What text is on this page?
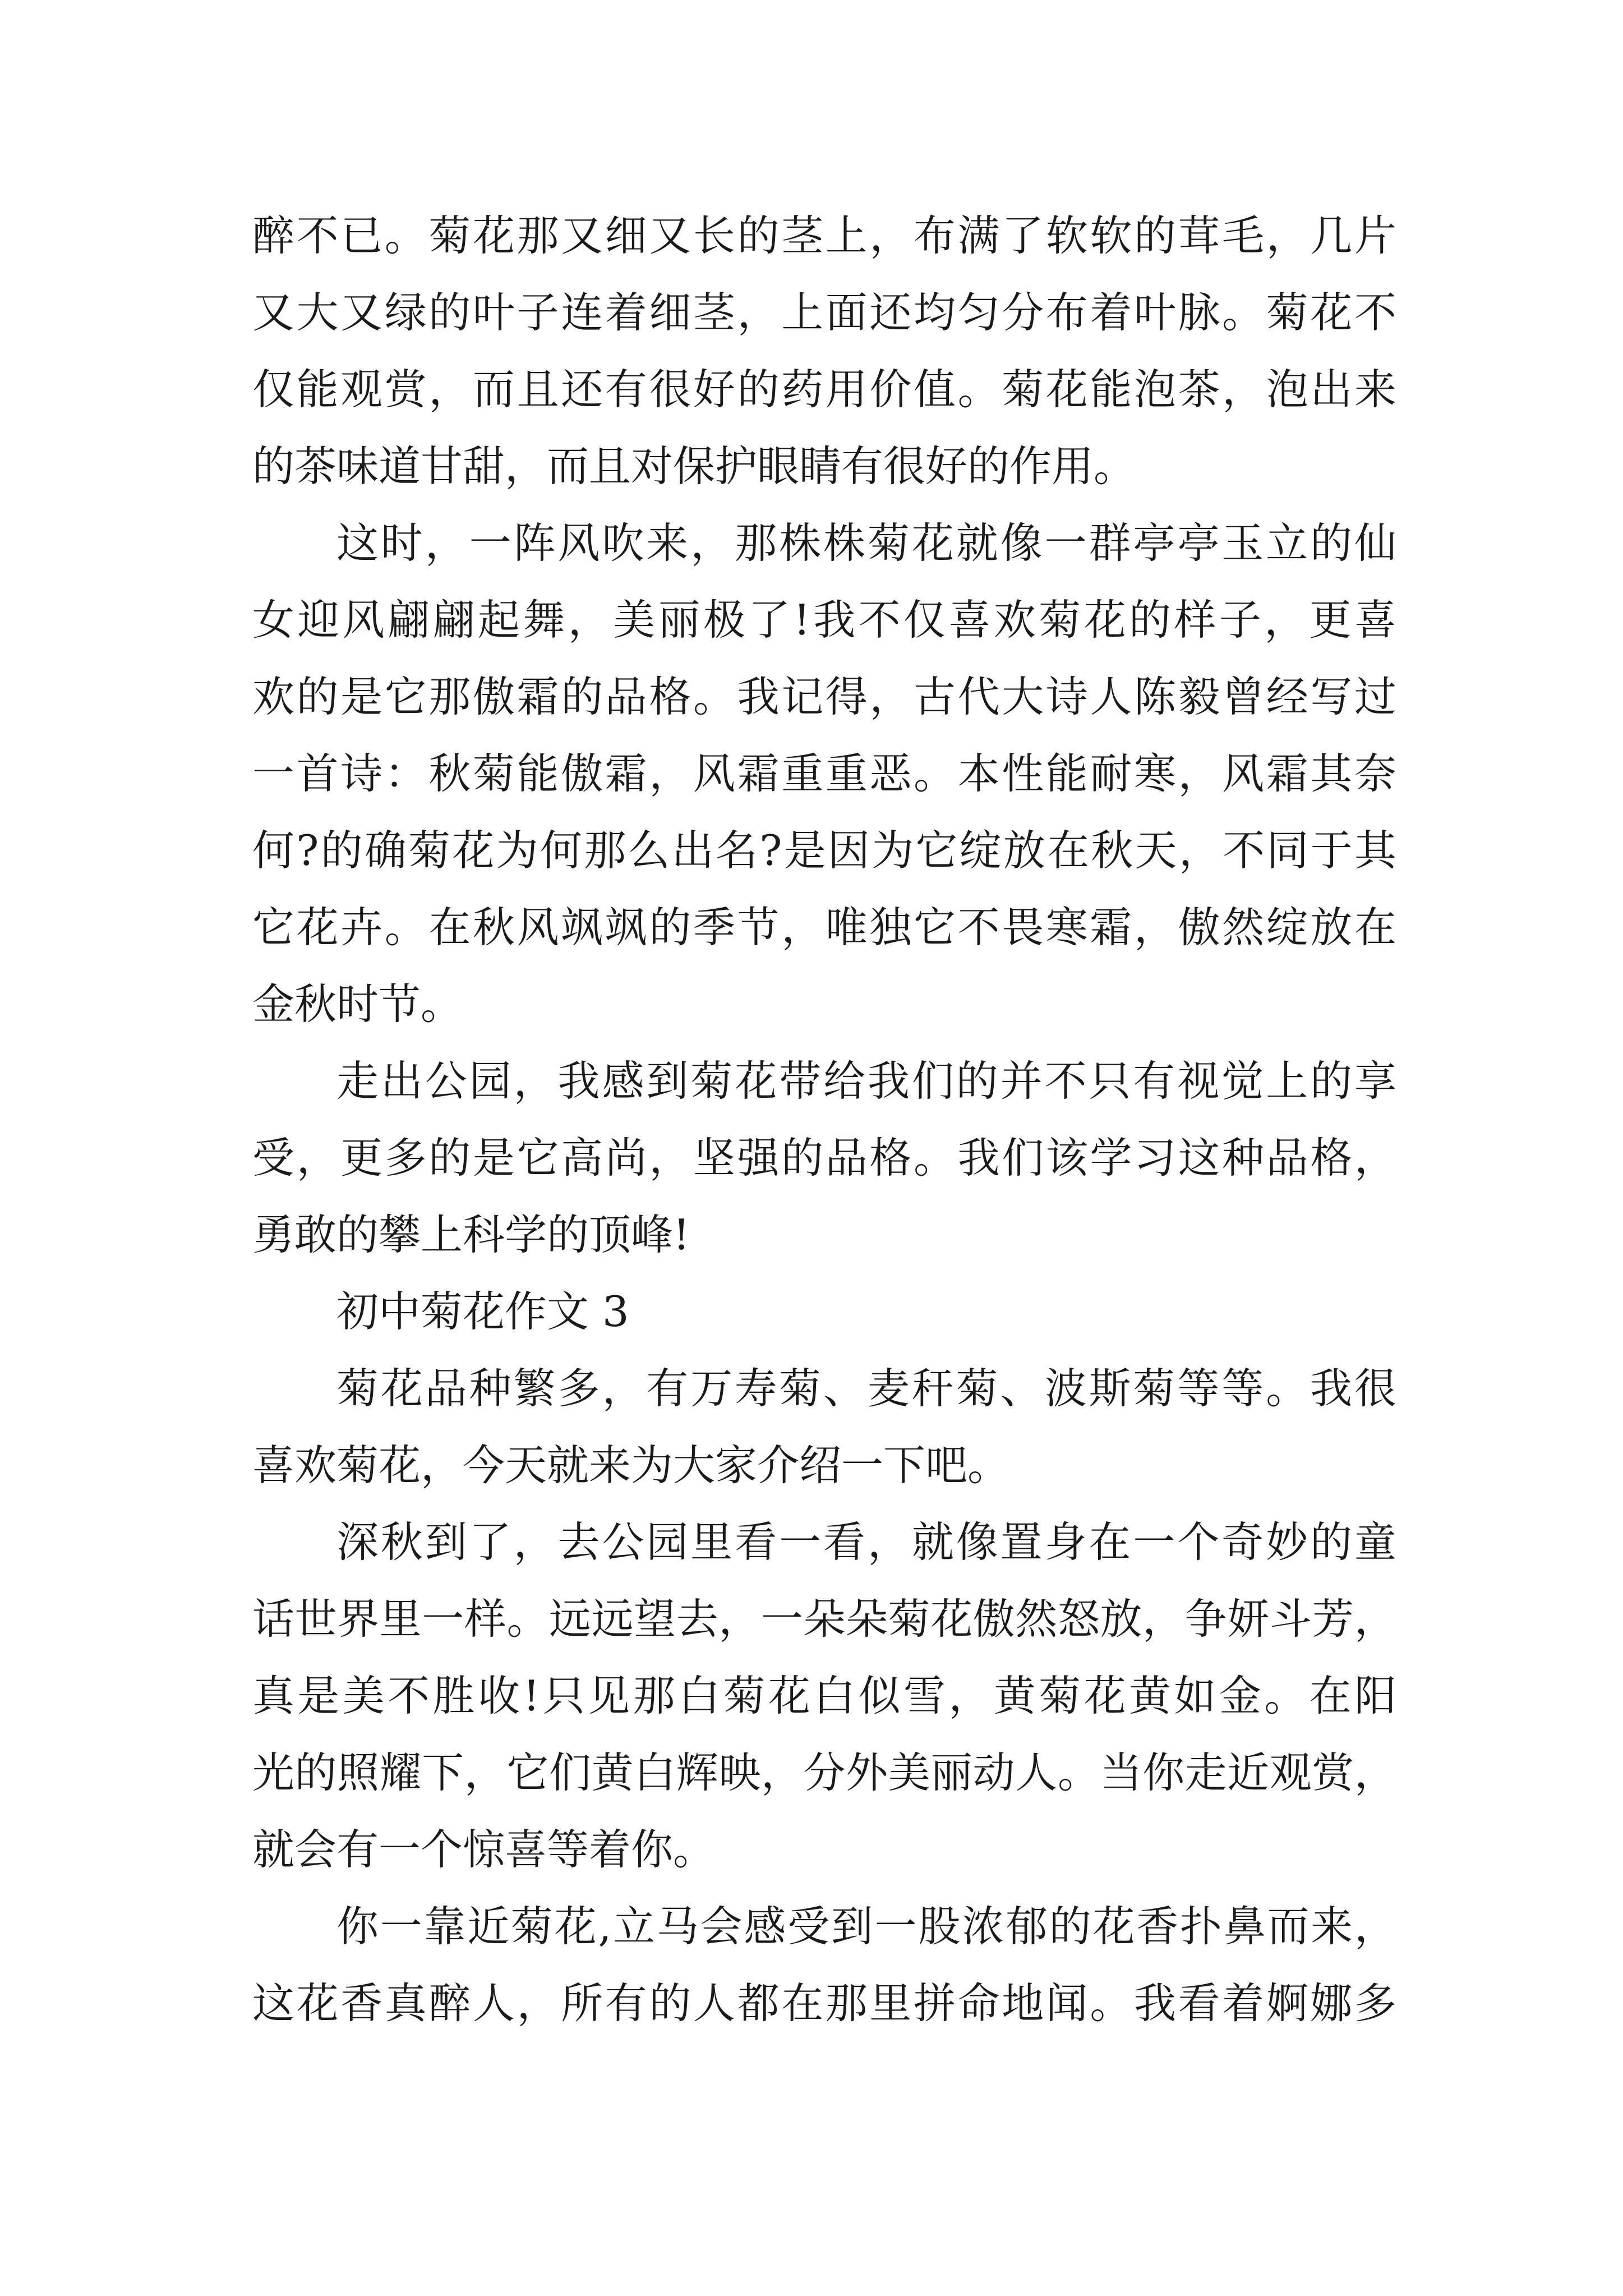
醉不已。菊花那又细又长的茎上，布满了软软的茸毛，几片
又大又绿的叶子连着细茎，上面还均匀分布着叶脉。菊花不
仅能观赏，而且还有很好的药用价值。菊花能泡茶，泡出来
的茶味道甘甜，而且对保护眼睛有很好的作用。
这时，一阵风吹来，那株株菊花就像一群亭亭玉立的仙
女迎风翩翩起舞，美丽极了!我不仅喜欢菊花的样子，更喜
欢的是它那傲霜的品格。我记得，古代大诗人陈毅曾经写过
一首诗：秋菊能傲霜，风霜重重恶。本性能耐寒，风霜其奈
何?的确菊花为何那么出名?是因为它绽放在秋天，不同于其
它花卉。在秋风飒飒的季节，唯独它不畏寒霜，傲然绽放在
金秋时节。
走出公园，我感到菊花带给我们的并不只有视觉上的享
受，更多的是它高尚，坚强的品格。我们该学习这种品格，
勇敢的攀上科学的顶峰!
初中菊花作文 3
菊花品种繁多，有万寿菊、麦秆菊、波斯菊等等。我很
喜欢菊花，今天就来为大家介绍一下吧。
深秋到了，去公园里看一看，就像置身在一个奇妙的童
话世界里一样。远远望去，一朵朵菊花傲然怒放，争妍斗芳，
真是美不胜收!只见那白菊花白似雪，黄菊花黄如金。在阳
光的照耀下，它们黄白辉映，分外美丽动人。当你走近观赏，
就会有一个惊喜等着你。
你一靠近菊花,立马会感受到一股浓郁的花香扑鼻而来，
这花香真醉人，所有的人都在那里拼命地闻。我看着婀娜多
